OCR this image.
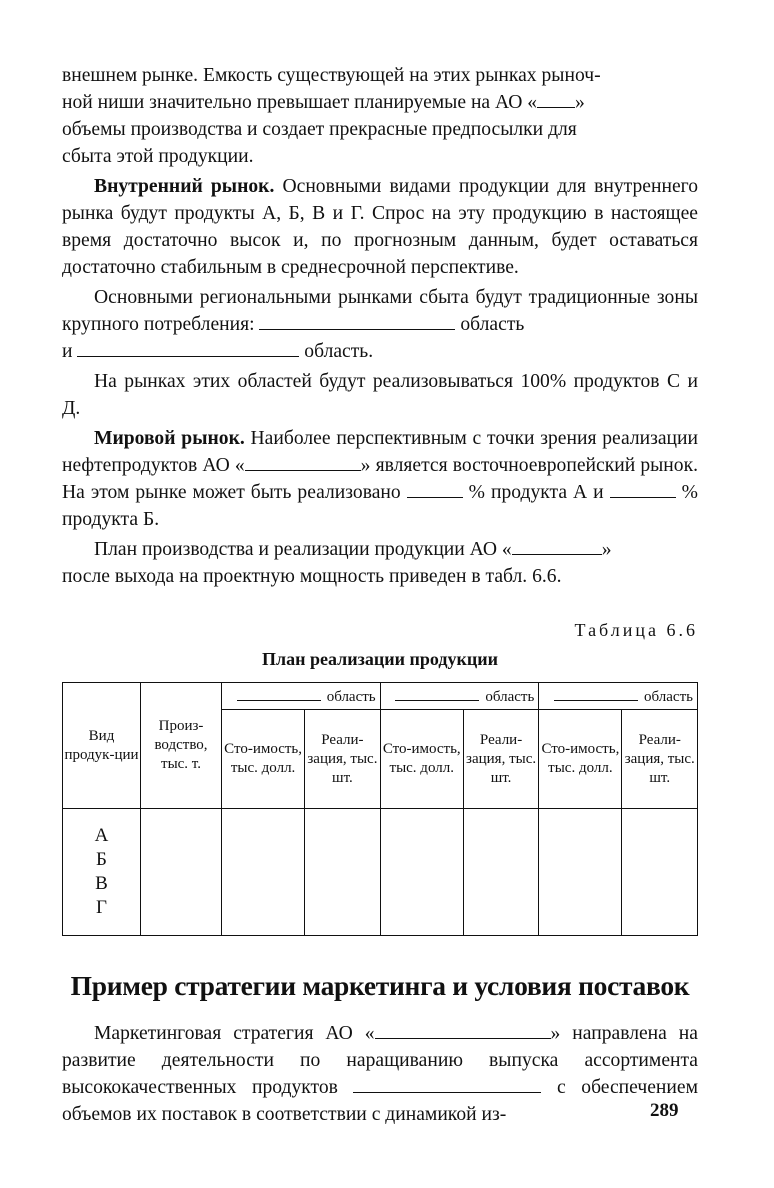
внешнем рынке. Емкость существующей на этих рынках рыноч-
ной ниши значительно превышает планируемые на АО « »
объемы производства и создает прекрасные предпосылки для
сбыта этой продукции.

Внутренний рынок. Основными видами продукции для внутреннего рынка будут продукты А, Б, В и Г. Спрос на эту продукцию в настоящее время достаточно высок и, по прогнозным данным, будет оставаться достаточно стабильным в среднесрочной перспективе.

Основными региональными рынками сбыта будут традиционные зоны крупного потребления:	область
и	область.

На рынках этих областей будут реализовываться 100% продуктов С и Д.

Мировой рынок. Наиболее перспективным с точки зрения реализации нефтепродуктов АО «	» является восточноевропейский рынок. На этом рынке может быть реализовано	% продукта А и	% продукта Б.

План производства и реализации продукции АО «	»
после выхода на проектную мощность приведен в табл. 6.6.

Таблица 6.6
План реализации продукции
Вид продук-ции	Произ-водство, тыс. т.	область		область		область	
		Сто-имость, тыс. долл.	Реали-зация, тыс. шт.	Сто-имость, тыс. долл.	Реали-зация, тыс. шт.	Сто-имость, тыс. долл.	Реали-зация, тыс. шт.

А
Б
В
Г							

Пример стратегии маркетинга и условия поставок

Маркетинговая стратегия АО «	» направлена на развитие деятельности по наращиванию выпуска ассортимента высококачественных продуктов	с обеспечением объемов их поставок в соответствии с динамикой из-	289
